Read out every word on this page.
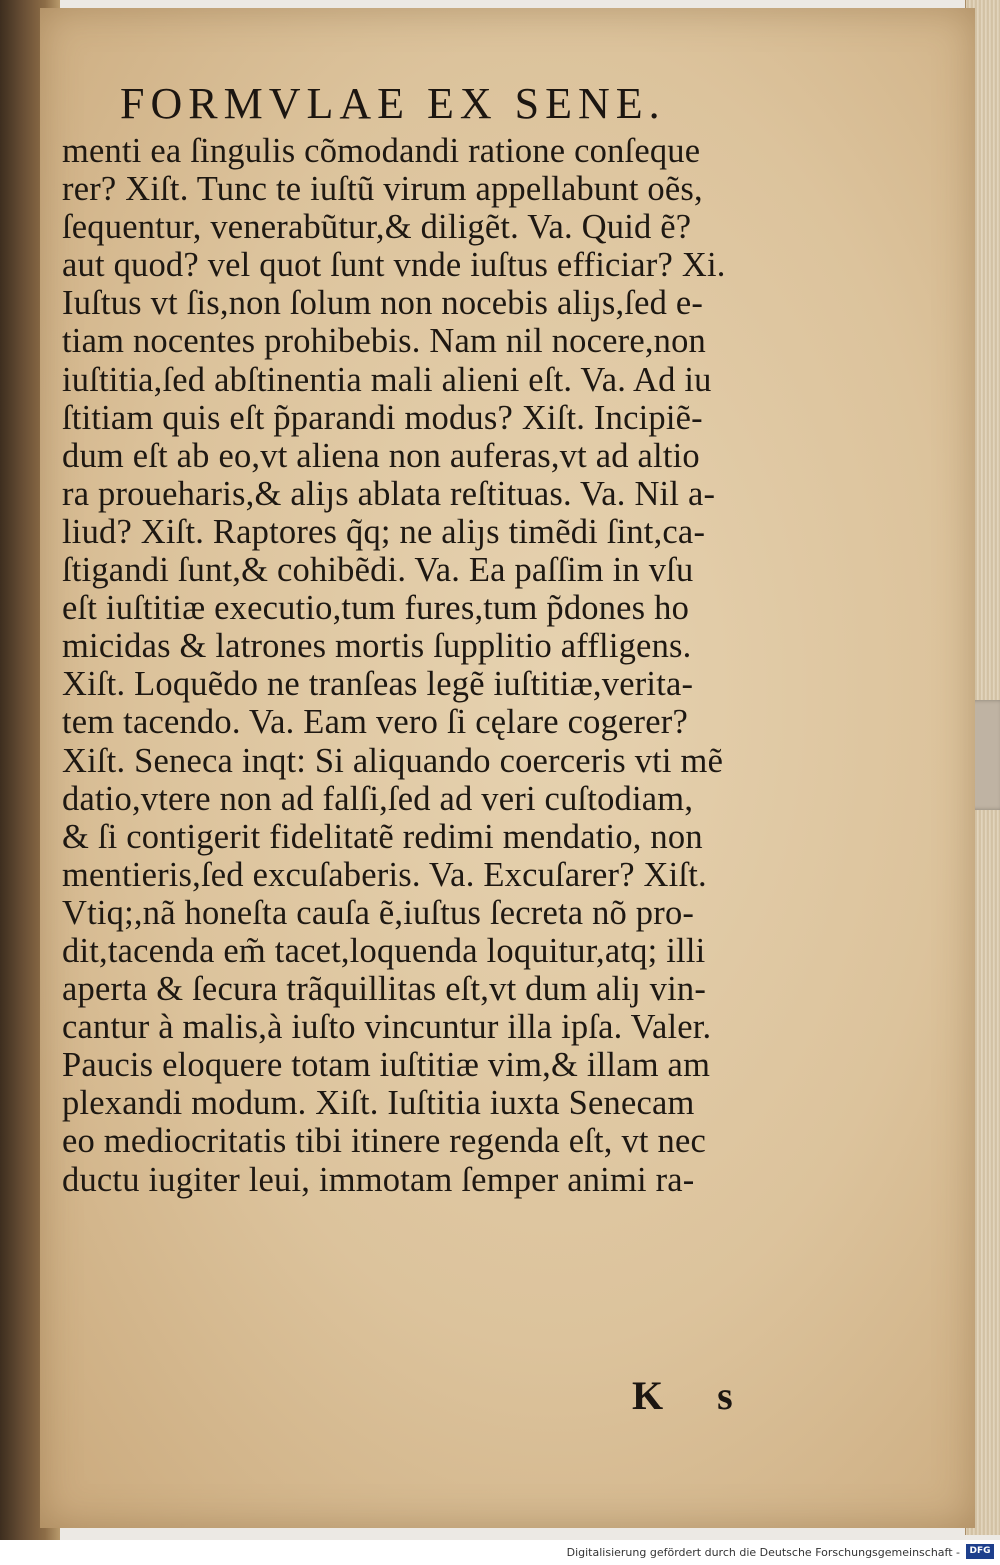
FORMVLAE EX SENE.
menti ea ſingulis cõmodandi ratione conſeque
rer? Xiſt. Tunc te iuſtũ virum appellabunt oẽs,
ſequentur, venerabũtur,& diligẽt. Va. Quid ẽ?
aut quod? vel quot ſunt vnde iuſtus efficiar? Xi.
Iuſtus vt ſis,non ſolum non nocebis aliȷs,ſed e-
tiam nocentes prohibebis. Nam nil nocere,non
iuſtitia,ſed abſtinentia mali alieni eſt. Va. Ad iu
ſtitiam quis eſt p̃parandi modus? Xiſt. Incipiẽ-
dum eſt ab eo,vt aliena non auferas,vt ad altio
ra proueharis,& aliȷs ablata reſtituas. Va. Nil a-
liud? Xiſt. Raptores q̃q; ne aliȷs timẽdi ſint,ca-
ſtigandi ſunt,& cohibẽdi. Va. Ea paſſim in vſu
eſt iuſtitiæ executio,tum fures,tum p̃dones ho
micidas & latrones mortis ſupplitio affligens.
Xiſt. Loquẽdo ne tranſeas legẽ iuſtitiæ,verita-
tem tacendo. Va. Eam vero ſi cęlare cogerer?
Xiſt. Seneca inqt: Si aliquando coerceris vti mẽ
datio,vtere non ad falſi,ſed ad veri cuſtodiam,
& ſi contigerit fidelitatẽ redimi mendatio, non
mentieris,ſed excuſaberis. Va. Excuſarer? Xiſt.
Vtiq;,nã honeſta cauſa ẽ,iuſtus ſecreta nõ pro-
dit,tacenda em̃ tacet,loquenda loquitur,atq; illi
aperta & ſecura trãquillitas eſt,vt dum aliȷ vin-
cantur à malis,à iuſto vincuntur illa ipſa. Valer.
Paucis eloquere totam iuſtitiæ vim,& illam am
plexandi modum. Xiſt. Iuſtitia iuxta Senecam
eo mediocritatis tibi itinere regenda eſt, vt nec
ductu iugiter leui, immotam ſemper animi ra-
K s
Digitalisierung gefördert durch die Deutsche Forschungsgemeinschaft -	DFG
